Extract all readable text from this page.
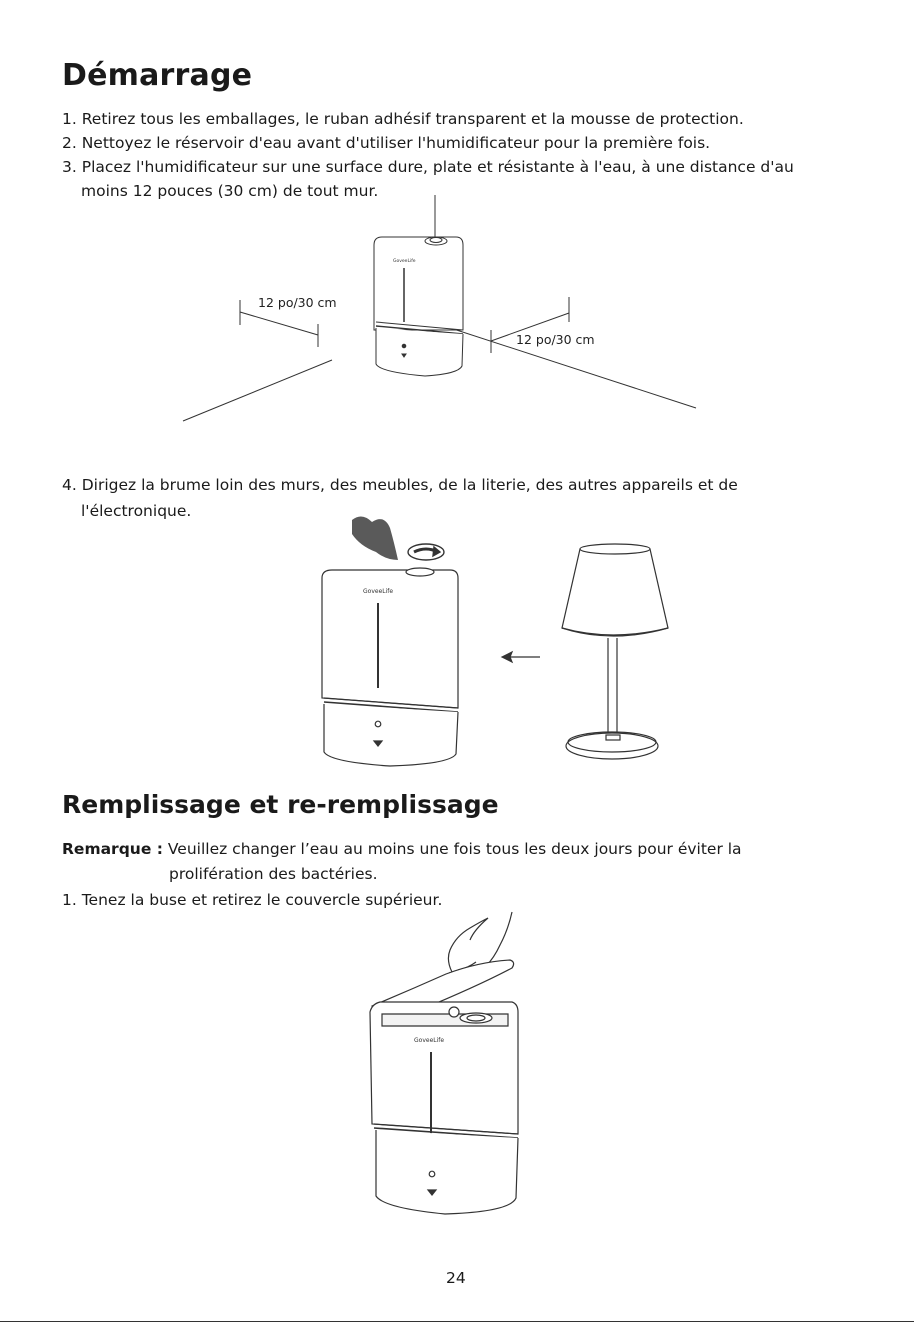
Démarrage
1. Retirez tous les emballages, le ruban adhésif transparent et la mousse de protection.
2. Nettoyez le réservoir d'eau avant d'utiliser l'humidificateur pour la première fois.
3. Placez l'humidificateur sur une surface dure, plate et résistante à l'eau, à une distance d'au
moins 12 pouces (30 cm) de tout mur.
GoveeLife
12 po/30 cm
12 po/30 cm
4. Dirigez la brume loin des murs, des meubles, de la literie, des autres appareils et de
l'électronique.
GoveeLife
Remplissage et re-remplissage
Remarque : Veuillez changer l’eau au moins une fois tous les deux jours pour éviter la
prolifération des bactéries.
1. Tenez la buse et retirez le couvercle supérieur.
GoveeLife
24
